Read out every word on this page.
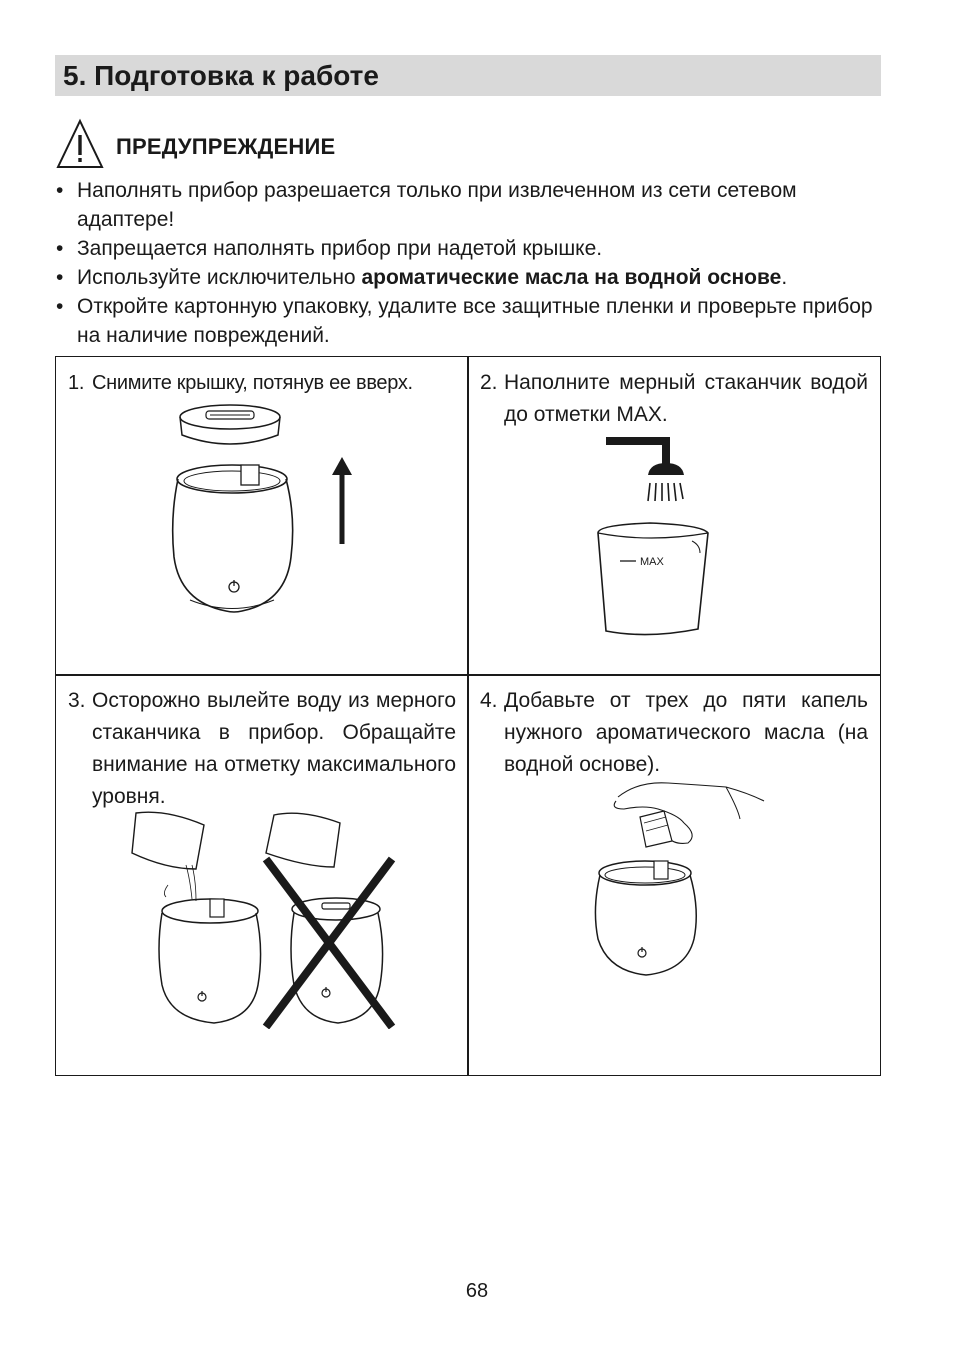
5. Подготовка к работе
ПРЕДУПРЕЖДЕНИЕ
• Наполнять прибор разрешается только при извлеченном из сети сетевом адаптере!
• Запрещается наполнять прибор при надетой крышке.
• Используйте исключительно ароматические масла на водной основе.
• Откройте картонную упаковку, удалите все защитные пленки и проверьте прибор на наличие повреждений.
1. Снимите крышку, потянув ее вверх.	2. Наполните мерный стаканчик водой до отметки MAX.
MAX
3. Осторожно вылейте воду из мерного стаканчика в прибор. Обращайте внимание на отметку максимального уровня.
4. Добавьте от трех до пяти капель нужного ароматического масла (на водной основе).
68
